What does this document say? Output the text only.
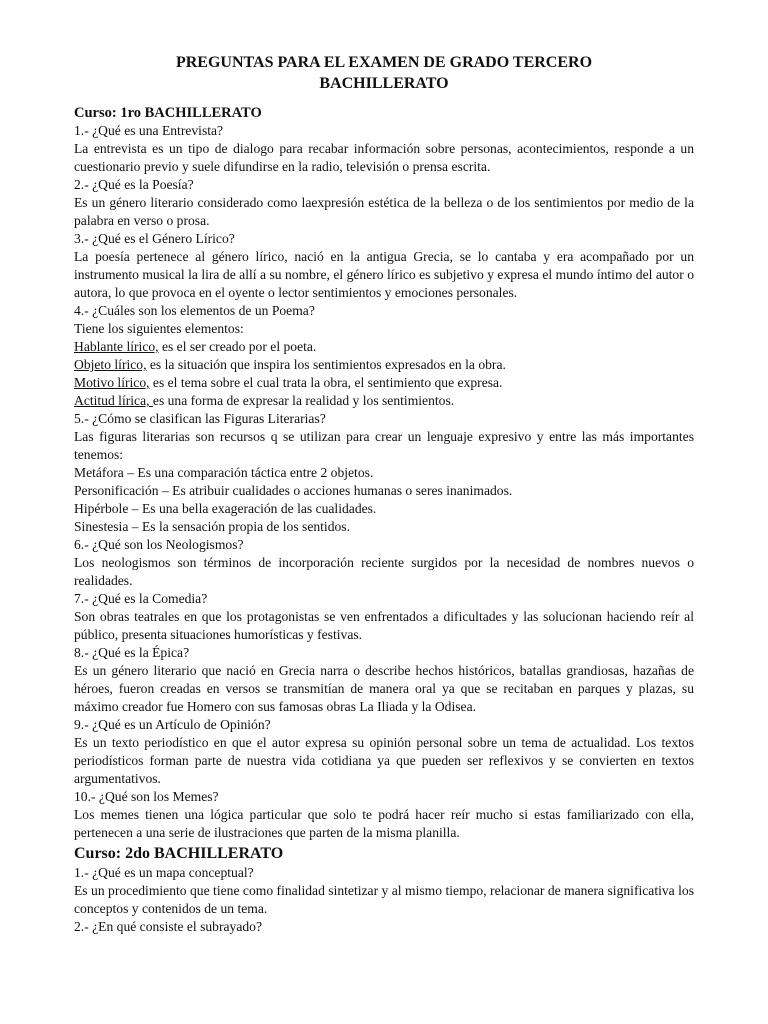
PREGUNTAS PARA EL EXAMEN DE GRADO TERCERO
BACHILLERATO

Curso: 1ro BACHILLERATO

1.- ¿Qué es una Entrevista?

La entrevista es un tipo de dialogo para recabar información sobre personas, acontecimientos, responde a un cuestionario previo y suele difundirse en la radio, televisión o prensa escrita.

2.- ¿Qué es la Poesía?

Es un género literario considerado como laexpresión estética de la belleza o de los sentimientos por medio de la palabra en verso o prosa.

3.- ¿Qué es el Género Lírico?

La poesía pertenece al género lírico, nació en la antigua Grecia, se lo cantaba y era acompañado por un instrumento musical la lira de allí a su nombre, el género lírico es subjetivo y expresa el mundo íntimo del autor o autora, lo que provoca en el oyente o lector sentimientos y emociones personales.

4.- ¿Cuáles son los elementos de un Poema?

Tiene los siguientes elementos:

Hablante lírico, es el ser creado por el poeta.

Objeto lírico, es la situación que inspira los sentimientos expresados en la obra.

Motivo lírico, es el tema sobre el cual trata la obra, el sentimiento que expresa.

Actitud lírica, es una forma de expresar la realidad y los sentimientos.

5.- ¿Cómo se clasifican las Figuras Literarias?

Las figuras literarias son recursos q se utilizan para crear un lenguaje expresivo y entre las más importantes tenemos:

Metáfora – Es una comparación táctica entre 2 objetos.

Personificación – Es atribuir cualidades o acciones humanas o seres inanimados.

Hipérbole – Es una bella exageración de las cualidades.

Sinestesia – Es la sensación propia de los sentidos.

6.- ¿Qué son los Neologismos?

Los neologismos son términos de incorporación reciente surgidos por la necesidad de nombres nuevos o realidades.

7.- ¿Qué es la Comedia?

Son obras teatrales en que los protagonistas se ven enfrentados a dificultades y las solucionan haciendo reír al público, presenta situaciones humorísticas y festivas.

8.- ¿Qué es la Épica?

Es un género literario que nació en Grecia narra o describe hechos históricos, batallas grandiosas, hazañas de héroes, fueron creadas en versos se transmitían de manera oral ya que se recitaban en parques y plazas, su máximo creador fue Homero con sus famosas obras La Iliada y la Odisea.

9.- ¿Qué es un Artículo de Opinión?

Es un texto periodístico en que el autor expresa su opinión personal sobre un tema de actualidad. Los textos periodísticos forman parte de nuestra vida cotidiana ya que pueden ser reflexivos y se convierten en textos argumentativos.

10.- ¿Qué son los Memes?

Los memes tienen una lógica particular que solo te podrá hacer reír mucho si estas familiarizado con ella, pertenecen a una serie de ilustraciones que parten de la misma planilla.

Curso: 2do BACHILLERATO

1.- ¿Qué es un mapa conceptual?

Es un procedimiento que tiene como finalidad sintetizar y al mismo tiempo, relacionar de manera significativa los conceptos y contenidos de un tema.

2.- ¿En qué consiste el subrayado?
